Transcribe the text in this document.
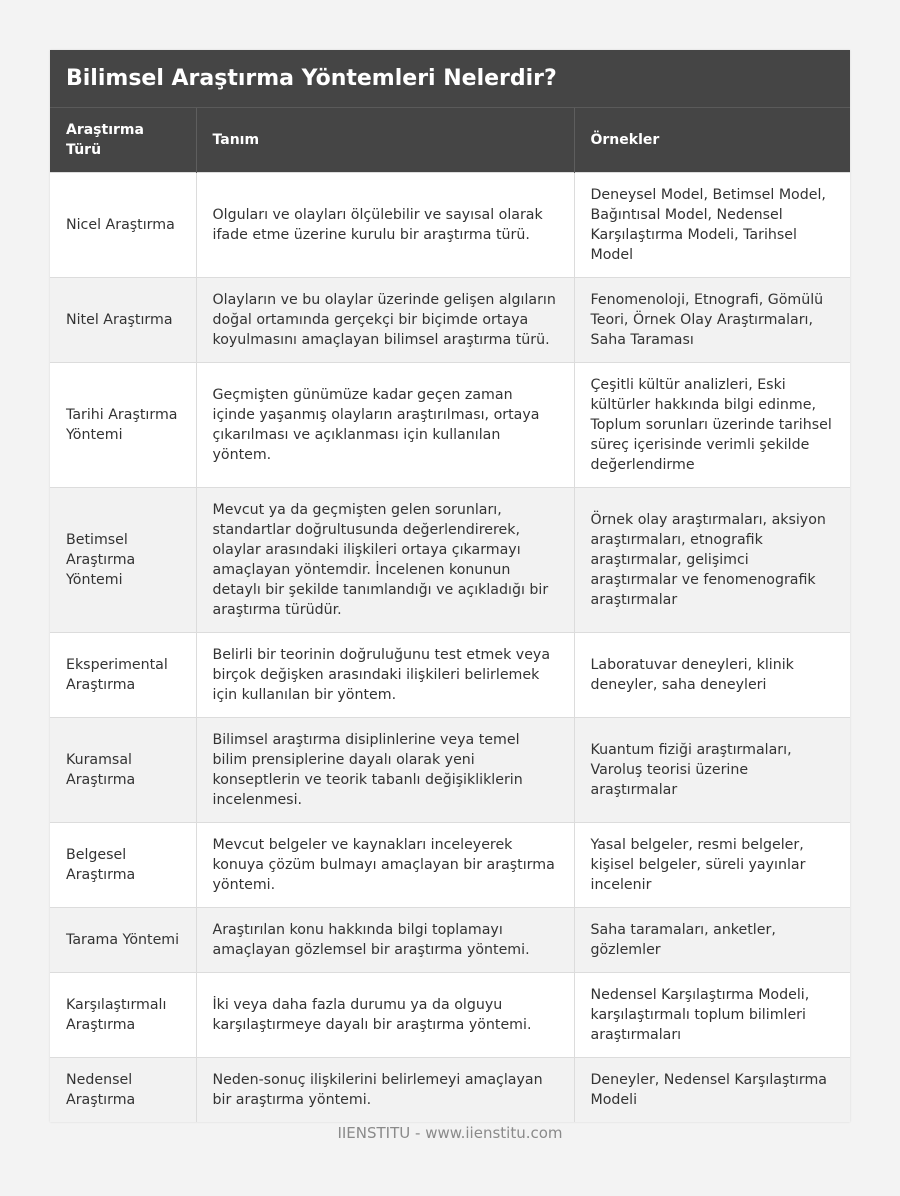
Bilimsel Araştırma Yöntemleri Nelerdir?
Araştırma Türü	Tanım	Örnekler
Nicel Araştırma	Olguları ve olayları ölçülebilir ve sayısal olarak ifade etme üzerine kurulu bir araştırma türü.	Deneysel Model, Betimsel Model, Bağıntısal Model, Nedensel Karşılaştırma Modeli, Tarihsel Model
Nitel Araştırma	Olayların ve bu olaylar üzerinde gelişen algıların doğal ortamında gerçekçi bir biçimde ortaya koyulmasını amaçlayan bilimsel araştırma türü.	Fenomenoloji, Etnografi, Gömülü Teori, Örnek Olay Araştırmaları, Saha Taraması
Tarihi Araştırma Yöntemi	Geçmişten günümüze kadar geçen zaman içinde yaşanmış olayların araştırılması, ortaya çıkarılması ve açıklanması için kullanılan yöntem.	Çeşitli kültür analizleri, Eski kültürler hakkında bilgi edinme, Toplum sorunları üzerinde tarihsel süreç içerisinde verimli şekilde değerlendirme
Betimsel Araştırma Yöntemi	Mevcut ya da geçmişten gelen sorunları, standartlar doğrultusunda değerlendirerek, olaylar arasındaki ilişkileri ortaya çıkarmayı amaçlayan yöntemdir. İncelenen konunun detaylı bir şekilde tanımlandığı ve açıkladığı bir araştırma türüdür.	Örnek olay araştırmaları, aksiyon araştırmaları, etnografik araştırmalar, gelişimci araştırmalar ve fenomenografik araştırmalar
Eksperimental Araştırma	Belirli bir teorinin doğruluğunu test etmek veya birçok değişken arasındaki ilişkileri belirlemek için kullanılan bir yöntem.	Laboratuvar deneyleri, klinik deneyler, saha deneyleri
Kuramsal Araştırma	Bilimsel araştırma disiplinlerine veya temel bilim prensiplerine dayalı olarak yeni konseptlerin ve teorik tabanlı değişikliklerin incelenmesi.	Kuantum fiziği araştırmaları, Varoluş teorisi üzerine araştırmalar
Belgesel Araştırma	Mevcut belgeler ve kaynakları inceleyerek konuya çözüm bulmayı amaçlayan bir araştırma yöntemi.	Yasal belgeler, resmi belgeler, kişisel belgeler, süreli yayınlar incelenir
Tarama Yöntemi	Araştırılan konu hakkında bilgi toplamayı amaçlayan gözlemsel bir araştırma yöntemi.	Saha taramaları, anketler, gözlemler
Karşılaştırmalı Araştırma	İki veya daha fazla durumu ya da olguyu karşılaştırmeye dayalı bir araştırma yöntemi.	Nedensel Karşılaştırma Modeli, karşılaştırmalı toplum bilimleri araştırmaları
Nedensel Araştırma	Neden-sonuç ilişkilerini belirlemeyi amaçlayan bir araştırma yöntemi.	Deneyler, Nedensel Karşılaştırma Modeli
IIENSTITU - www.iienstitu.com
